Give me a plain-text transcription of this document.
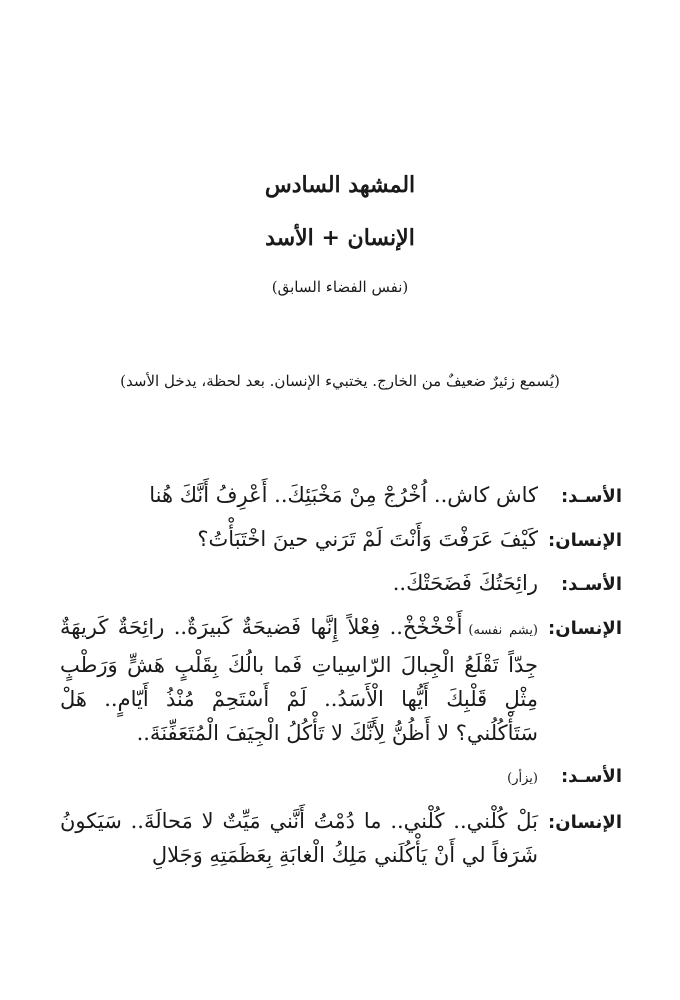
المشهد السادس
الإنسان + الأسد
(نفس الفضاء السابق)
(يُسمع زئيرٌ ضعيفٌ من الخارج. يختبيء الإنسان. بعد لحظة، يدخل الأسد)
الأسـد:
كاش كاش.. اُخْرُجْ مِنْ مَخْبَئِكَ.. أَعْرِفُ أَنَّكَ هُنا
الإنسان:
كَيْفَ عَرَفْتَ وَأَنْتَ لَمْ تَرَني حينَ اخْتَبَأْتُ؟
الأسـد:
رائِحَتُكَ فَضَحَتْكَ..
الإنسان:
(يشم نفسه)أَخْخْخْخْ.. فِعْلاً إِنَّها فَضيحَةٌ كَبيرَةٌ.. رائِحَةٌ كَريهَةٌ جِدّاً تَقْلَعُ الْجِبالَ الرّاسِياتِ فَما بالُكَ بِقَلْبٍ هَشٍّ وَرَطْبٍ مِثْلِ قَلْبِكَ أَيُّها الْأَسَدُ.. لَمْ أَسْتَحِمْ مُنْذُ أَيّامٍ.. هَلْ سَتَأْكُلُني؟ لا أَظُنُّ لِأَنَّكَ لا تَأْكُلُ الْجِيَفَ الْمُتَعَفِّنَةَ..
الأسـد:
(يزأر)
الإنسان:
بَلْ كُلْني.. كُلْني.. ما دُمْتُ أَنَّني مَيِّتٌ لا مَحالَةَ.. سَيَكونُ شَرَفاً لي أَنْ يَأْكُلَني مَلِكُ الْغابَةِ بِعَظَمَتِهِ وَجَلالِ
